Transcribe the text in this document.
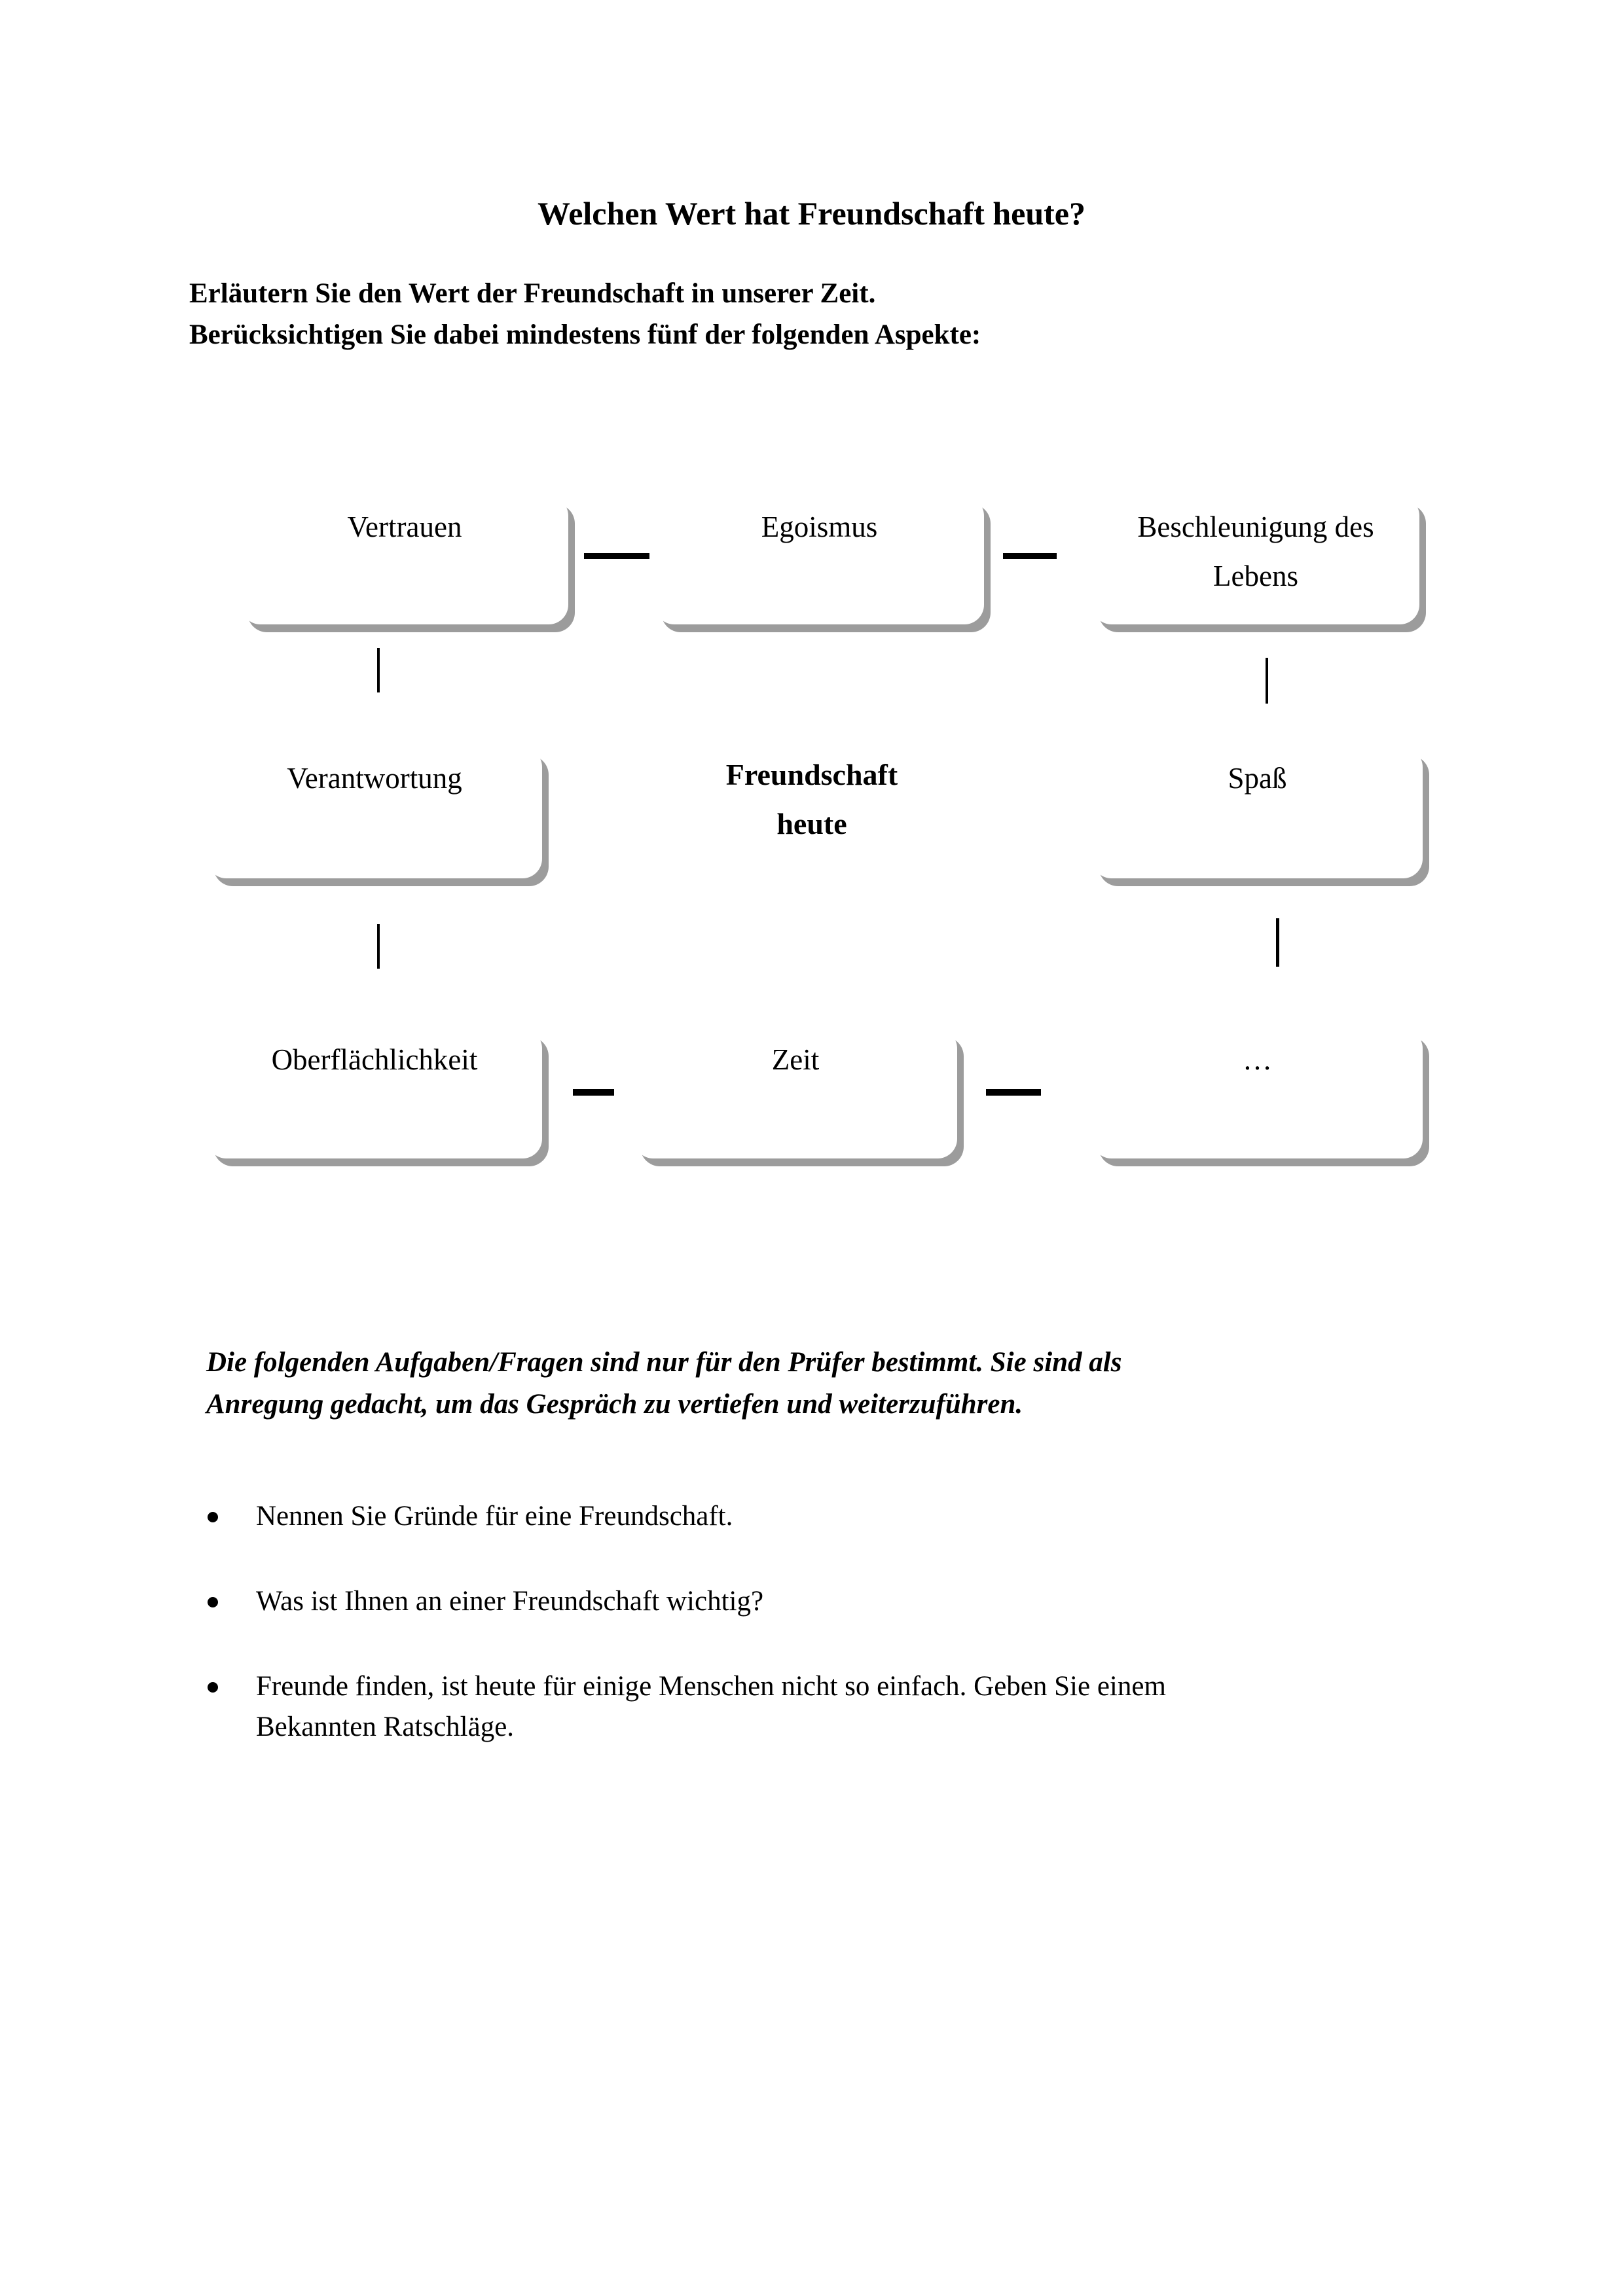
Welchen Wert hat Freundschaft heute?
Erläutern Sie den Wert der Freundschaft in unserer Zeit.
Berücksichtigen Sie dabei mindestens fünf der folgenden Aspekte:
Vertrauen	Egoismus	Beschleunigung des Lebens
Verantwortung	Spaß
Oberflächlichkeit	Zeit	…
Freundschaft
heute
Die folgenden Aufgaben/Fragen sind nur für den Prüfer bestimmt. Sie sind als
Anregung gedacht, um das Gespräch zu vertiefen und weiterzuführen.
Nennen Sie Gründe für eine Freundschaft.
Was ist Ihnen an einer Freundschaft wichtig?
Freunde finden, ist heute für einige Menschen nicht so einfach. Geben Sie einem Bekannten Ratschläge.
